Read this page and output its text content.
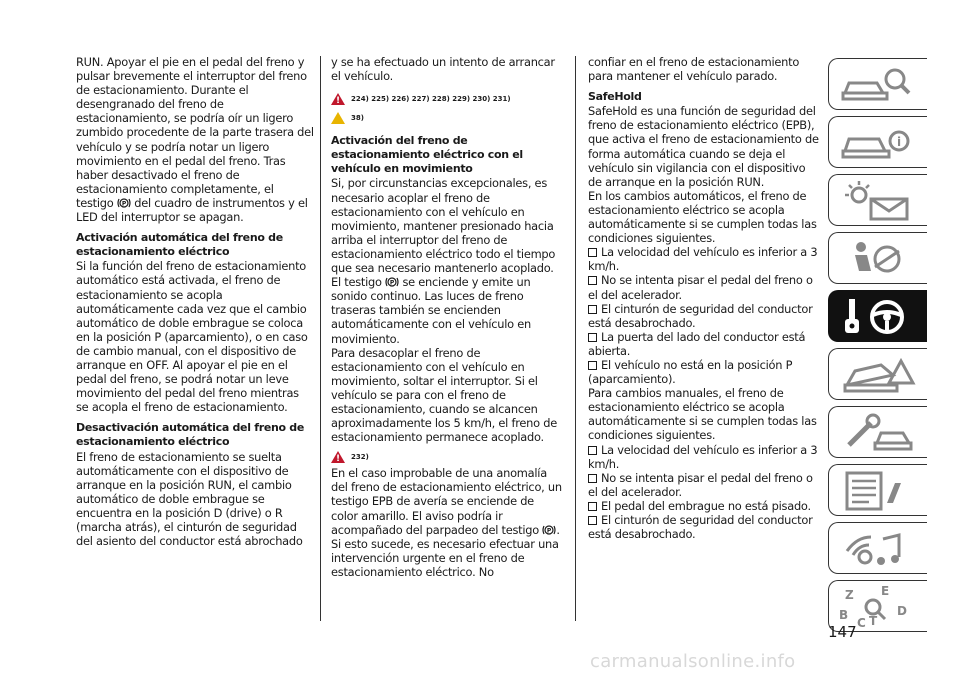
RUN. Apoyar el pie en el pedal del freno y pulsar brevemente el interruptor del freno de estacionamiento. Durante el desengranado del freno de estacionamiento, se podría oír un ligero zumbido procedente de la parte trasera del vehículo y se podría notar un ligero movimiento en el pedal del freno. Tras haber desactivado el freno de estacionamiento completamente, el

testigo P del cuadro de instrumentos y el LED del interruptor se apagan.

Activación automática del freno de estacionamiento eléctrico

Si la función del freno de estacionamiento automático está activada, el freno de estacionamiento se acopla automáticamente cada vez que el cambio automático de doble embrague se coloca en la posición P (aparcamiento), o en caso de cambio manual, con el dispositivo de arranque en OFF. Al apoyar el pie en el pedal del freno, se podrá notar un leve movimiento del pedal del freno mientras se acopla el freno de estacionamiento.

Desactivación automática del freno de estacionamiento eléctrico

El freno de estacionamiento se suelta automáticamente con el dispositivo de arranque en la posición RUN, el cambio automático de doble embrague se encuentra en la posición D (drive) o R (marcha atrás), el cinturón de seguridad del asiento del conductor está abrochado

y se ha efectuado un intento de arrancar el vehículo.

!
224) 225) 226) 227) 228) 229) 230) 231)
38)

Activación del freno de estacionamiento eléctrico con el vehículo en movimiento

Si, por circunstancias excepcionales, es necesario acoplar el freno de estacionamiento con el vehículo en movimiento, mantener presionado hacia arriba el interruptor del freno de estacionamiento eléctrico todo el tiempo que sea necesario mantenerlo acoplado. El testigo P se enciende y emite un sonido continuo. Las luces de freno traseras también se encienden automáticamente con el vehículo en movimiento.

Para desacoplar el freno de estacionamiento con el vehículo en movimiento, soltar el interruptor. Si el vehículo se para con el freno de estacionamiento, cuando se alcancen aproximadamente los 5 km/h, el freno de estacionamiento permanece acoplado.

!
232)

En el caso improbable de una anomalía del freno de estacionamiento eléctrico, un testigo EPB de avería se enciende de color amarillo. El aviso podría ir acompañado del parpadeo del testigo P . Si esto sucede, es necesario efectuar una intervención urgente en el freno de estacionamiento eléctrico. No

confiar en el freno de estacionamiento para mantener el vehículo parado.

SafeHold

SafeHold es una función de seguridad del freno de estacionamiento eléctrico (EPB), que activa el freno de estacionamiento de forma automática cuando se deja el vehículo sin vigilancia con el dispositivo de arranque en la posición RUN.

En los cambios automáticos, el freno de estacionamiento eléctrico se acopla automáticamente si se cumplen todas las condiciones siguientes.

La velocidad del vehículo es inferior a 3 km/h.

No se intenta pisar el pedal del freno o el del acelerador.

El cinturón de seguridad del conductor está desabrochado.

La puerta del lado del conductor está abierta.

El vehículo no está en la posición P (aparcamiento).

Para cambios manuales, el freno de estacionamiento eléctrico se acopla automáticamente si se cumplen todas las condiciones siguientes.

La velocidad del vehículo es inferior a 3 km/h.

No se intenta pisar el pedal del freno o el del acelerador.

El pedal del embrague no está pisado.

El cinturón de seguridad del conductor está desabrochado.

i
Z E
B
C T
D
147
carmanualsonline.info
